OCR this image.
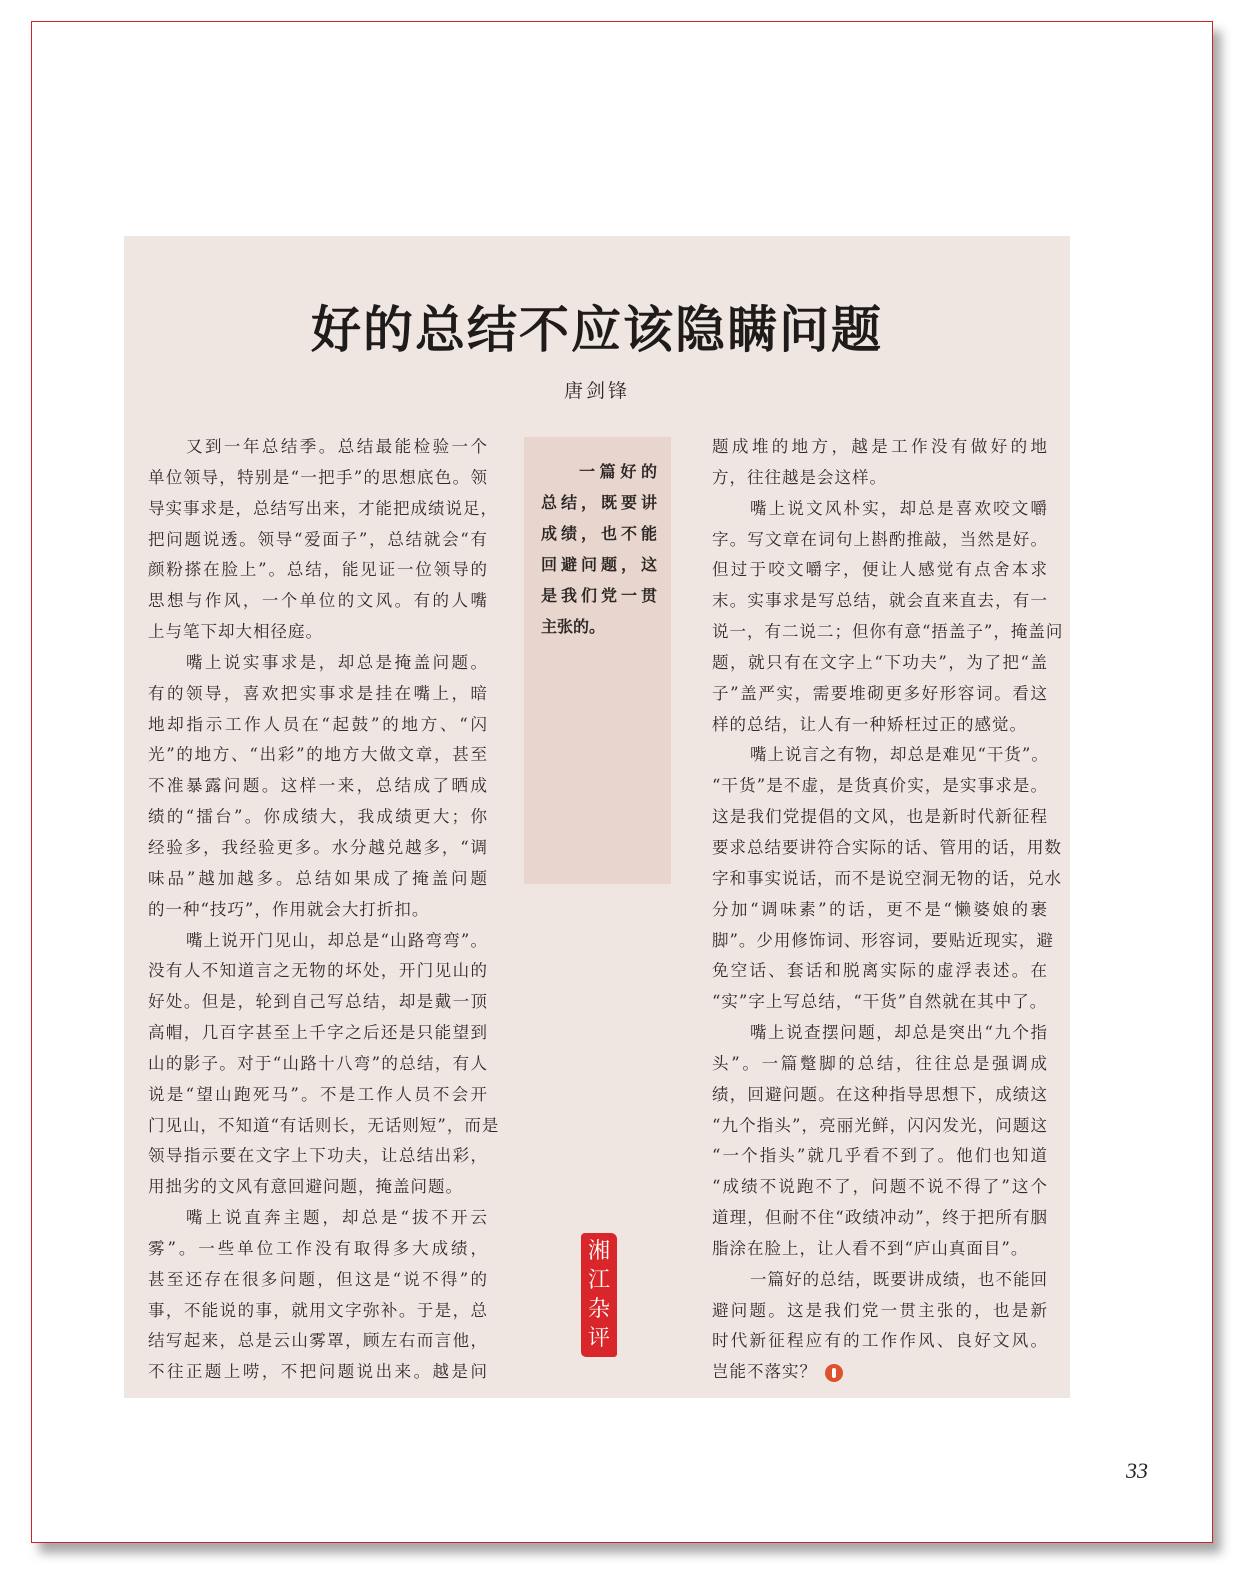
好的总结不应该隐瞒问题
唐剑锋
又到一年总结季。总结最能检验一个
单位领导，特别是“一把手”的思想底色。领
导实事求是，总结写出来，才能把成绩说足，
把问题说透。领导“爱面子”，总结就会“有
颜粉搽在脸上”。总结，能见证一位领导的
思想与作风，一个单位的文风。有的人嘴
上与笔下却大相径庭。
嘴上说实事求是，却总是掩盖问题。
有的领导，喜欢把实事求是挂在嘴上，暗
地却指示工作人员在“起鼓”的地方、“闪
光”的地方、“出彩”的地方大做文章，甚至
不准暴露问题。这样一来，总结成了晒成
绩的“擂台”。你成绩大，我成绩更大；你
经验多，我经验更多。水分越兑越多，“调
味品”越加越多。总结如果成了掩盖问题
的一种“技巧”，作用就会大打折扣。
嘴上说开门见山，却总是“山路弯弯”。
没有人不知道言之无物的坏处，开门见山的
好处。但是，轮到自己写总结，却是戴一顶
高帽，几百字甚至上千字之后还是只能望到
山的影子。对于“山路十八弯”的总结，有人
说是“望山跑死马”。不是工作人员不会开
门见山，不知道“有话则长，无话则短”，而是
领导指示要在文字上下功夫，让总结出彩，
用拙劣的文风有意回避问题，掩盖问题。
嘴上说直奔主题，却总是“拔不开云
雾”。一些单位工作没有取得多大成绩，
甚至还存在很多问题，但这是“说不得”的
事，不能说的事，就用文字弥补。于是，总
结写起来，总是云山雾罩，顾左右而言他，
不往正题上唠，不把问题说出来。越是问
一篇好的
总结，既要讲
成绩，也不能
回避问题，这
是我们党一贯
主张的。
题成堆的地方，越是工作没有做好的地
方，往往越是会这样。
嘴上说文风朴实，却总是喜欢咬文嚼
字。写文章在词句上斟酌推敲，当然是好。
但过于咬文嚼字，便让人感觉有点舍本求
末。实事求是写总结，就会直来直去，有一
说一，有二说二；但你有意“捂盖子”，掩盖问
题，就只有在文字上“下功夫”，为了把“盖
子”盖严实，需要堆砌更多好形容词。看这
样的总结，让人有一种矫枉过正的感觉。
嘴上说言之有物，却总是难见“干货”。
“干货”是不虚，是货真价实，是实事求是。
这是我们党提倡的文风，也是新时代新征程
要求总结要讲符合实际的话、管用的话，用数
字和事实说话，而不是说空洞无物的话，兑水
分加“调味素”的话，更不是“懒婆娘的裹
脚”。少用修饰词、形容词，要贴近现实，避
免空话、套话和脱离实际的虚浮表述。在
“实”字上写总结，“干货”自然就在其中了。
嘴上说查摆问题，却总是突出“九个指
头”。一篇蹩脚的总结，往往总是强调成
绩，回避问题。在这种指导思想下，成绩这
“九个指头”，亮丽光鲜，闪闪发光，问题这
“一个指头”就几乎看不到了。他们也知道
“成绩不说跑不了，问题不说不得了”这个
道理，但耐不住“政绩冲动”，终于把所有胭
脂涂在脸上，让人看不到“庐山真面目”。
一篇好的总结，既要讲成绩，也不能回
避问题。这是我们党一贯主张的，也是新
时代新征程应有的工作作风、良好文风。
岂能不落实？
湘
江
杂
评
33
